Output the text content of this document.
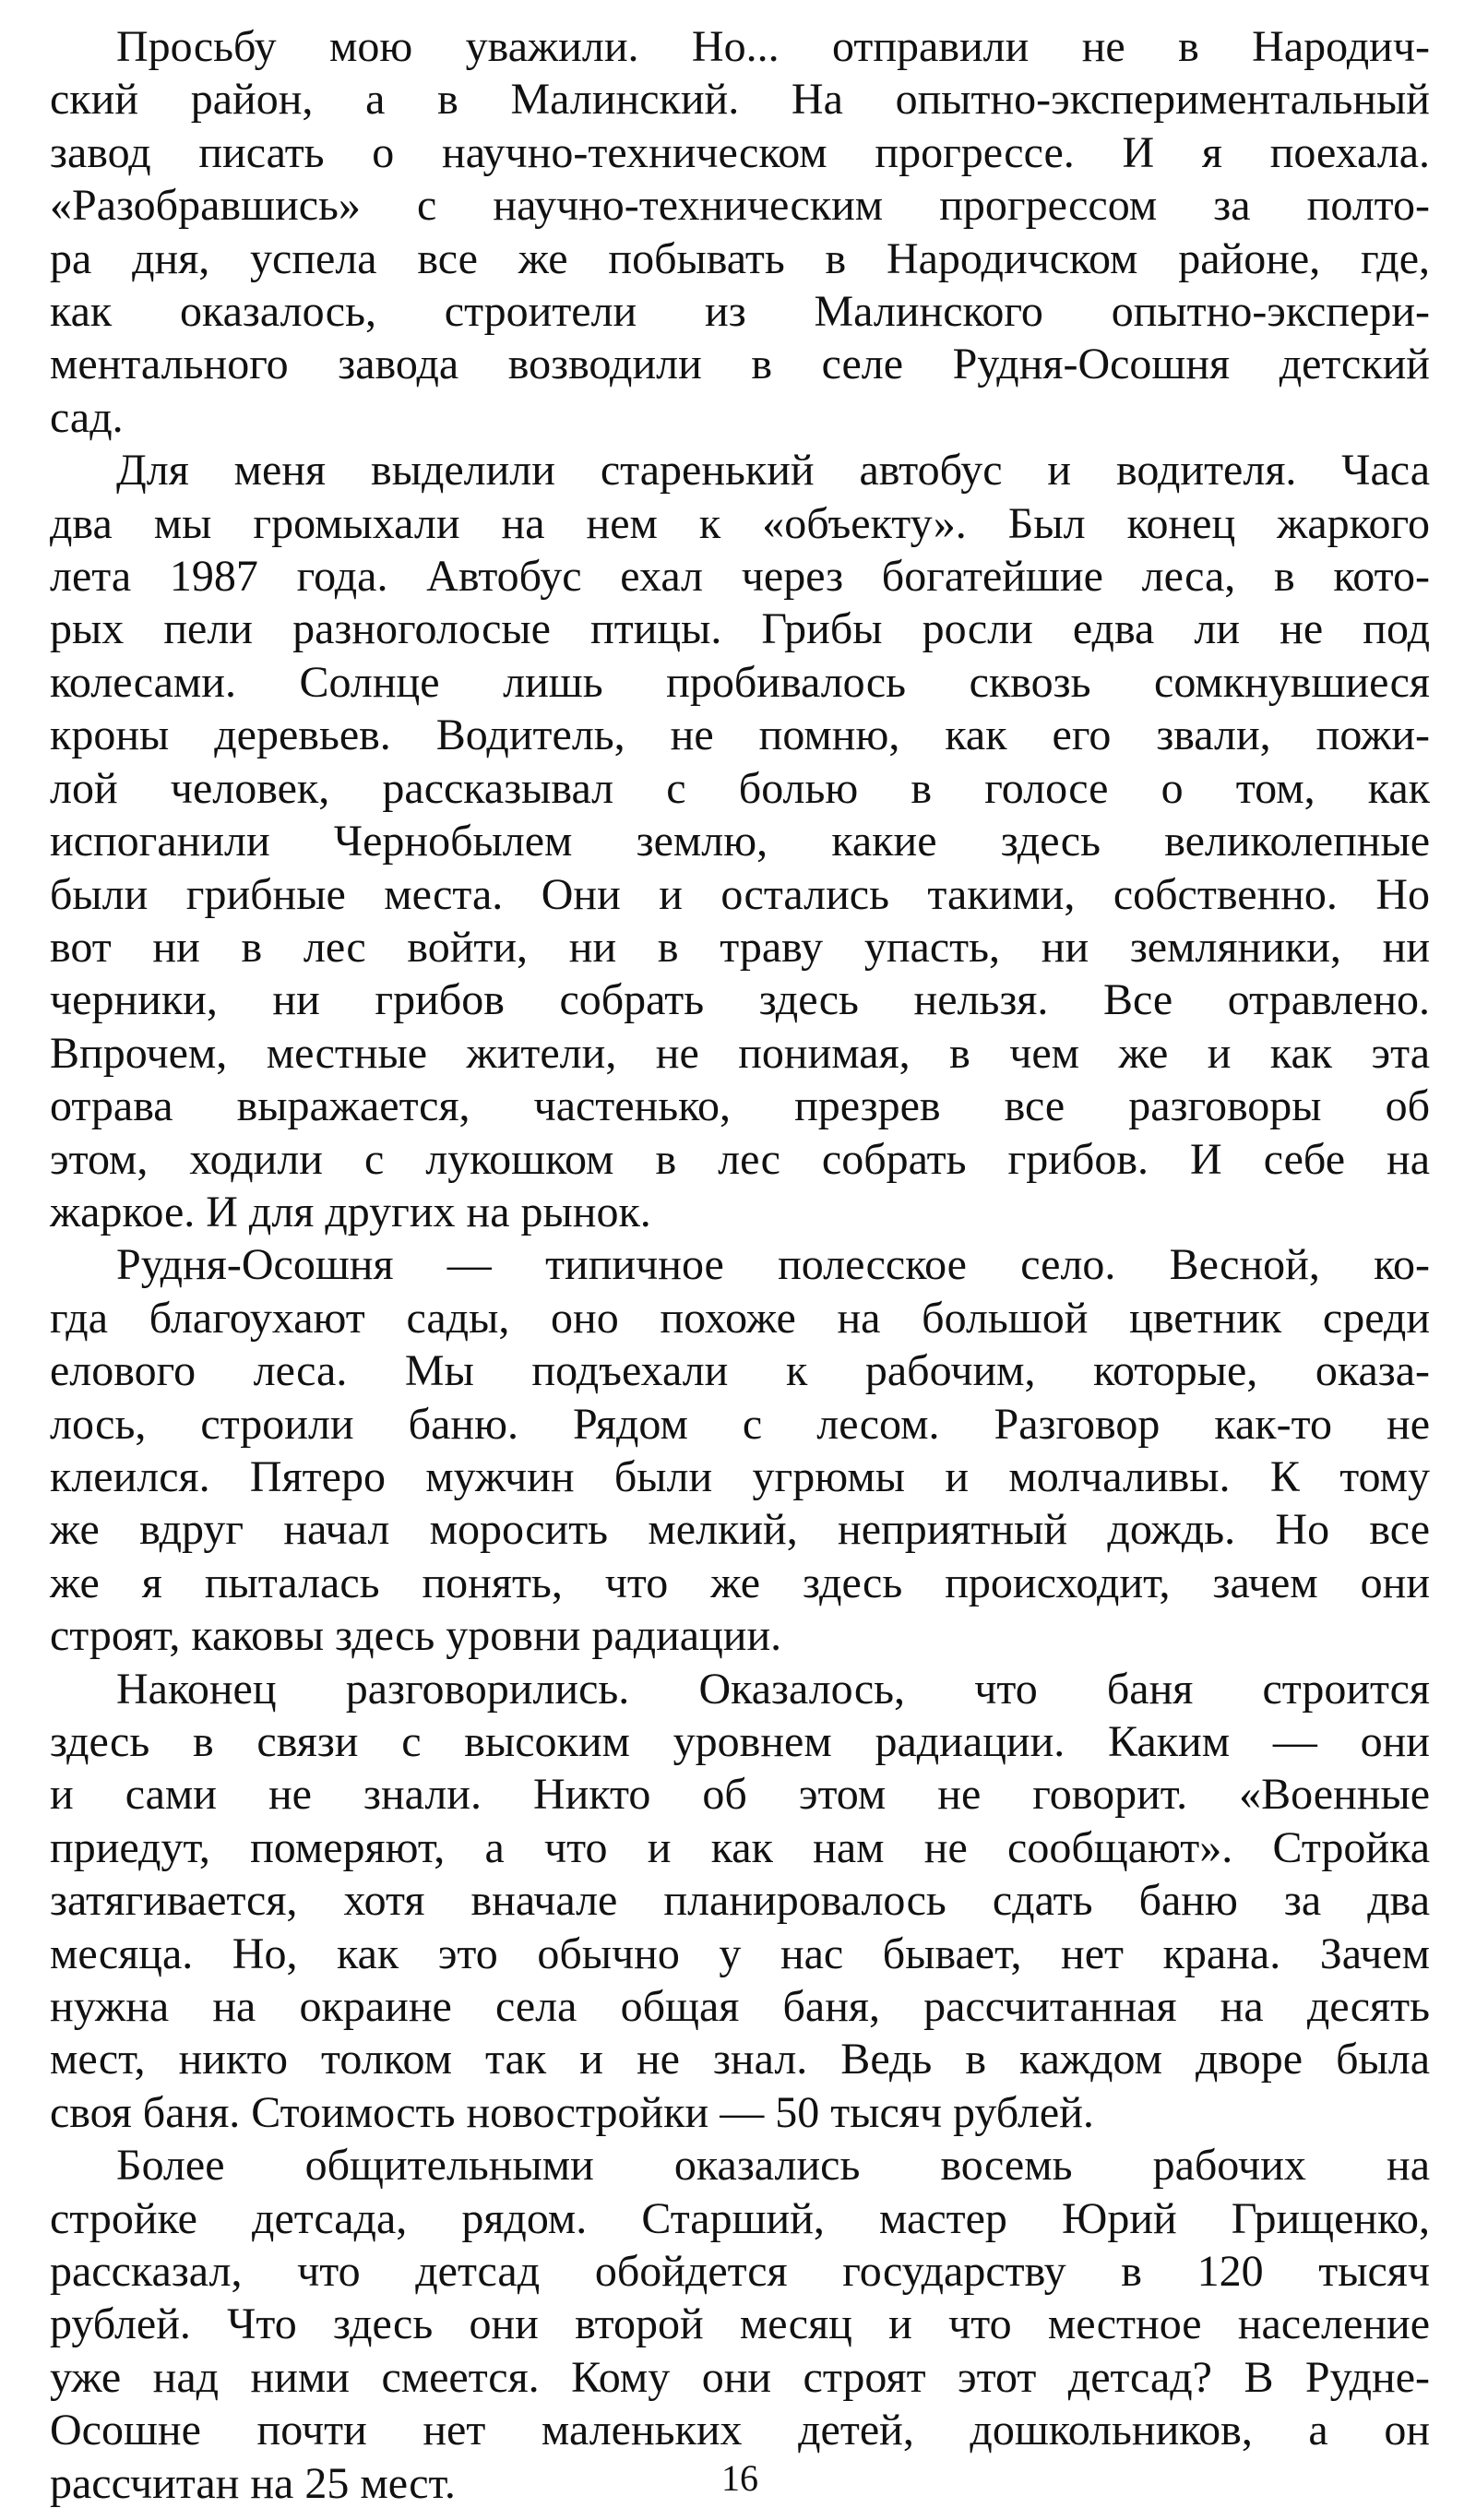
Просьбу мою уважили. Но... отправили не в Народич-
ский район, а в Малинский. На опытно-экспериментальный
завод писать о научно-техническом прогрессе. И я поехала.
«Разобравшись» с научно-техническим прогрессом за полто-
ра дня, успела все же побывать в Народичском районе, где,
как оказалось, строители из Малинского опытно-экспери-
ментального завода возводили в селе Рудня-Осошня детский
сад.

Для меня выделили старенький автобус и водителя. Часа
два мы громыхали на нем к «объекту». Был конец жаркого
лета 1987 года. Автобус ехал через богатейшие леса, в кото-
рых пели разноголосые птицы. Грибы росли едва ли не под
колесами. Солнце лишь пробивалось сквозь сомкнувшиеся
кроны деревьев. Водитель, не помню, как его звали, пожи-
лой человек, рассказывал с болью в голосе о том, как
испоганили Чернобылем землю, какие здесь великолепные
были грибные места. Они и остались такими, собственно. Но
вот ни в лес войти, ни в траву упасть, ни земляники, ни
черники, ни грибов собрать здесь нельзя. Все отравлено.
Впрочем, местные жители, не понимая, в чем же и как эта
отрава выражается, частенько, презрев все разговоры об
этом, ходили с лукошком в лес собрать грибов. И себе на
жаркое. И для других на рынок.

Рудня-Осошня — типичное полесское село. Весной, ко-
гда благоухают сады, оно похоже на большой цветник среди
елового леса. Мы подъехали к рабочим, которые, оказа-
лось, строили баню. Рядом с лесом. Разговор как-то не
клеился. Пятеро мужчин были угрюмы и молчаливы. К тому
же вдруг начал моросить мелкий, неприятный дождь. Но все
же я пыталась понять, что же здесь происходит, зачем они
строят, каковы здесь уровни радиации.

Наконец разговорились. Оказалось, что баня строится
здесь в связи с высоким уровнем радиации. Каким — они
и сами не знали. Никто об этом не говорит. «Военные
приедут, померяют, а что и как нам не сообщают». Стройка
затягивается, хотя вначале планировалось сдать баню за два
месяца. Но, как это обычно у нас бывает, нет крана. Зачем
нужна на окраине села общая баня, рассчитанная на десять
мест, никто толком так и не знал. Ведь в каждом дворе была
своя баня. Стоимость новостройки — 50 тысяч рублей.

Более общительными оказались восемь рабочих на
стройке детсада, рядом. Старший, мастер Юрий Грищенко,
рассказал, что детсад обойдется государству в 120 тысяч
рублей. Что здесь они второй месяц и что местное население
уже над ними смеется. Кому они строят этот детсад? В Рудне-
Осошне почти нет маленьких детей, дошкольников, а он
рассчитан на 25 мест.	16
